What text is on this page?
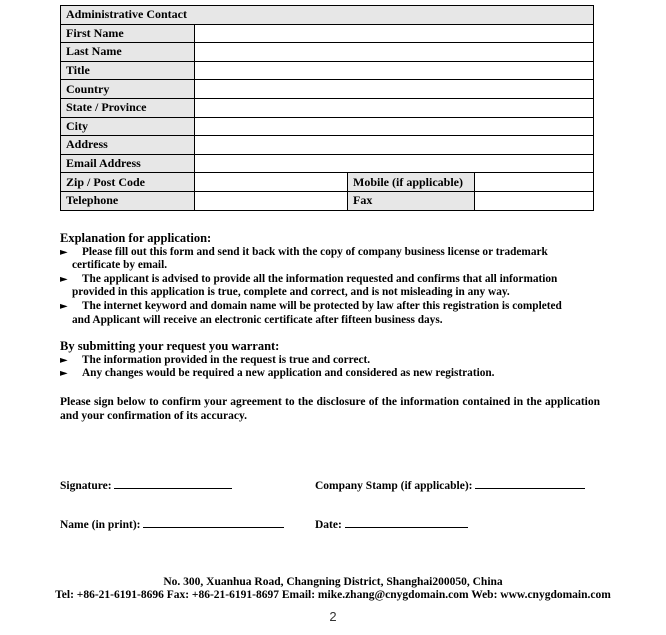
Administrative Contact			
First Name			
Last Name			
Title			
Country			
State / Province			
City			
Address			
Email Address			
Zip / Post Code		Mobile (if applicable)	
Telephone		Fax	
Explanation for application:
► Please fill out this form and send it back with the copy of company business license or trademark
certificate by email.
► The applicant is advised to provide all the information requested and confirms that all information
provided in this application is true, complete and correct, and is not misleading in any way.
► The internet keyword and domain name will be protected by law after this registration is completed
and Applicant will receive an electronic certificate after fifteen business days.
By submitting your request you warrant:
► The information provided in the request is true and correct.
► Any changes would be required a new application and considered as new registration.
Please sign below to confirm your agreement to the disclosure of the information contained in the application and your confirmation of its accuracy.
Signature:	Company Stamp (if applicable):
Name (in print):	Date:
No. 300, Xuanhua Road, Changning District, Shanghai200050, China
Tel: +86-21-6191-8696 Fax: +86-21-6191-8697 Email: mike.zhang@cnygdomain.com Web: www.cnygdomain.com
2
